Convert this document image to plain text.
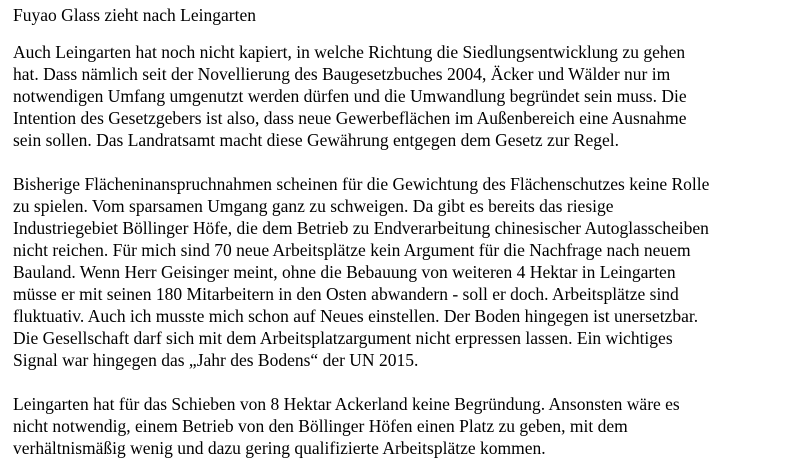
Fuyao Glass zieht nach Leingarten

Auch Leingarten hat noch nicht kapiert, in welche Richtung die Siedlungsentwicklung zu gehen
hat. Dass nämlich seit der Novellierung des Baugesetzbuches 2004, Äcker und Wälder nur im
notwendigen Umfang umgenutzt werden dürfen und die Umwandlung begründet sein muss. Die
Intention des Gesetzgebers ist also, dass neue Gewerbeflächen im Außenbereich eine Ausnahme
sein sollen. Das Landratsamt macht diese Gewährung entgegen dem Gesetz zur Regel.

Bisherige Flächeninanspruchnahmen scheinen für die Gewichtung des Flächenschutzes keine Rolle
zu spielen. Vom sparsamen Umgang ganz zu schweigen. Da gibt es bereits das riesige
Industriegebiet Böllinger Höfe, die dem Betrieb zu Endverarbeitung chinesischer Autoglasscheiben
nicht reichen. Für mich sind 70 neue Arbeitsplätze kein Argument für die Nachfrage nach neuem
Bauland. Wenn Herr Geisinger meint, ohne die Bebauung von weiteren 4 Hektar in Leingarten
müsse er mit seinen 180 Mitarbeitern in den Osten abwandern - soll er doch. Arbeitsplätze sind
fluktuativ. Auch ich musste mich schon auf Neues einstellen. Der Boden hingegen ist unersetzbar.
Die Gesellschaft darf sich mit dem Arbeitsplatzargument nicht erpressen lassen. Ein wichtiges
Signal war hingegen das „Jahr des Bodens“ der UN 2015.

Leingarten hat für das Schieben von 8 Hektar Ackerland keine Begründung. Ansonsten wäre es
nicht notwendig, einem Betrieb von den Böllinger Höfen einen Platz zu geben, mit dem
verhältnismäßig wenig und dazu gering qualifizierte Arbeitsplätze kommen.
